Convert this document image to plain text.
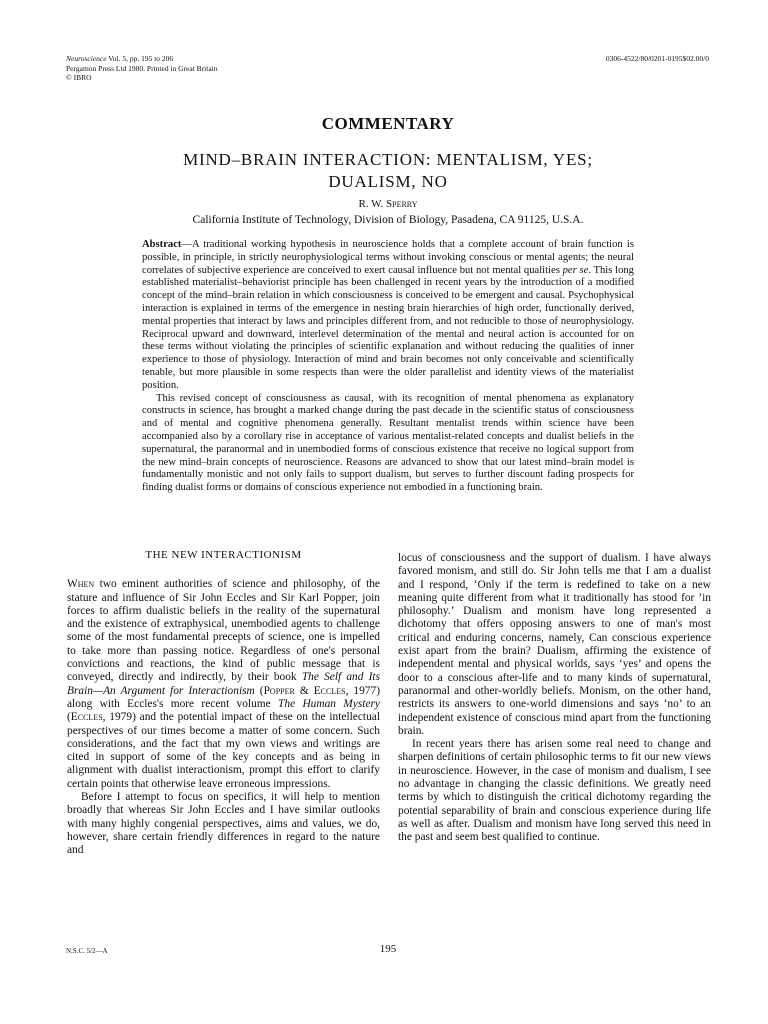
Neuroscience Vol. 5, pp. 195 to 206
Pergamon Press Ltd 1980. Printed in Great Britain
© IBRO
0306-4522/80/0201-0195$02.00/0
COMMENTARY
MIND–BRAIN INTERACTION: MENTALISM, YES;
DUALISM, NO
R. W. Sperry
California Institute of Technology, Division of Biology, Pasadena, CA 91125, U.S.A.

Abstract—A traditional working hypothesis in neuroscience holds that a complete account of brain function is possible, in principle, in strictly neurophysiological terms without invoking conscious or mental agents; the neural correlates of subjective experience are conceived to exert causal influence but not mental qualities per se. This long established materialist–behaviorist principle has been challenged in recent years by the introduction of a modified concept of the mind–brain relation in which consciousness is conceived to be emergent and causal. Psychophysical interaction is explained in terms of the emergence in nesting brain hierarchies of high order, functionally derived, mental properties that interact by laws and principles different from, and not reducible to those of neurophysiology. Reciprocal upward and downward, interlevel determination of the mental and neural action is accounted for on these terms without violating the principles of scientific explanation and without reducing the qualities of inner experience to those of physiology. Interaction of mind and brain becomes not only conceivable and scientifically tenable, but more plausible in some respects than were the older parallelist and identity views of the materialist position.

This revised concept of consciousness as causal, with its recognition of mental phenomena as explanatory constructs in science, has brought a marked change during the past decade in the scientific status of consciousness and of mental and cognitive phenomena generally. Resultant mentalist trends within science have been accompanied also by a corollary rise in acceptance of various mentalist-related concepts and dualist beliefs in the supernatural, the paranormal and in unembodied forms of conscious existence that receive no logical support from the new mind–brain concepts of neuroscience. Reasons are advanced to show that our latest mind–brain model is fundamentally monistic and not only fails to support dualism, but serves to further discount fading prospects for finding dualist forms or domains of conscious experience not embodied in a functioning brain.

THE NEW INTERACTIONISM

When two eminent authorities of science and philosophy, of the stature and influence of Sir John Eccles and Sir Karl Popper, join forces to affirm dualistic beliefs in the reality of the supernatural and the existence of extraphysical, unembodied agents to challenge some of the most fundamental precepts of science, one is impelled to take more than passing notice. Regardless of one's personal convictions and reactions, the kind of public message that is conveyed, directly and indirectly, by their book The Self and Its Brain—An Argument for Interactionism (Popper & Eccles, 1977) along with Eccles's more recent volume The Human Mystery (Eccles, 1979) and the potential impact of these on the intellectual perspectives of our times become a matter of some concern. Such considerations, and the fact that my own views and writings are cited in support of some of the key concepts and as being in alignment with dualist interactionism, prompt this effort to clarify certain points that otherwise leave erroneous impressions.

Before I attempt to focus on specifics, it will help to mention broadly that whereas Sir John Eccles and I have similar outlooks with many highly congenial perspectives, aims and values, we do, however, share certain friendly differences in regard to the nature and

locus of consciousness and the support of dualism. I have always favored monism, and still do. Sir John tells me that I am a dualist and I respond, ‘Only if the term is redefined to take on a new meaning quite different from what it traditionally has stood for ’in philosophy.’ Dualism and monism have long represented a dichotomy that offers opposing answers to one of man's most critical and enduring concerns, namely, Can conscious experience exist apart from the brain? Dualism, affirming the existence of independent mental and physical worlds, says ‘yes’ and opens the door to a conscious after-life and to many kinds of supernatural, paranormal and other-worldly beliefs. Monism, on the other hand, restricts its answers to one-world dimensions and says ‘no’ to an independent existence of conscious mind apart from the functioning brain.

In recent years there has arisen some real need to change and sharpen definitions of certain philosophic terms to fit our new views in neuroscience. However, in the case of monism and dualism, I see no advantage in changing the classic definitions. We greatly need terms by which to distinguish the critical dichotomy regarding the potential separability of brain and conscious experience during life as well as after. Dualism and monism have long served this need in the past and seem best qualified to continue.

N.S.C. 5/2—A	195
